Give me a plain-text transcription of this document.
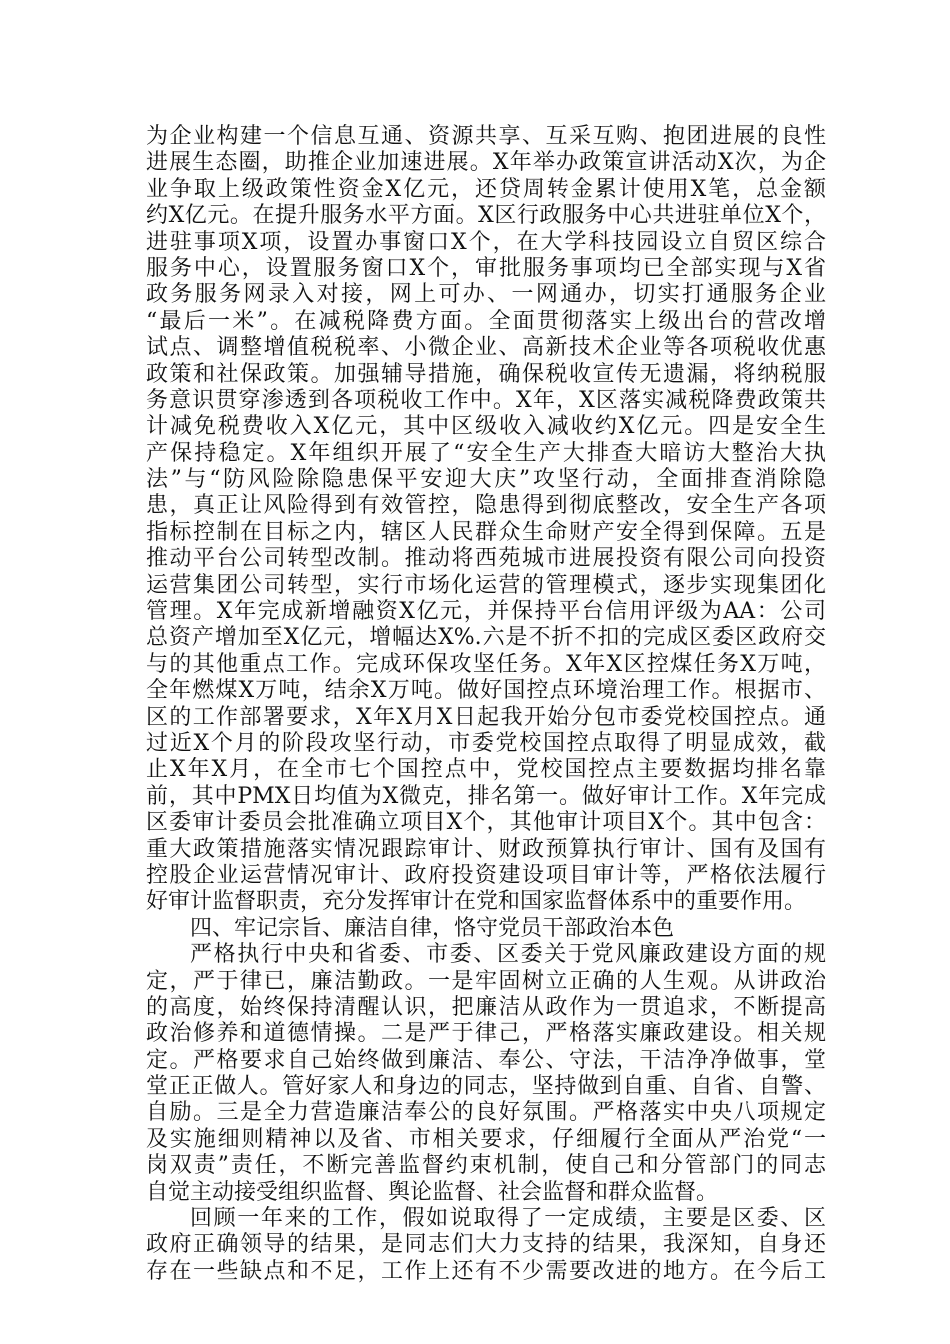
为企业构建一个信息互通、资源共享、互采互购、抱团进展的良性
进展生态圈，助推企业加速进展。X年举办政策宣讲活动X次，为企
业争取上级政策性资金X亿元，还贷周转金累计使用X笔，总金额
约X亿元。在提升服务水平方面。X区行政服务中心共进驻单位X个，
进驻事项X项，设置办事窗口X个，在大学科技园设立自贸区综合
服务中心，设置服务窗口X个，审批服务事项均已全部实现与X省
政务服务网录入对接，网上可办、一网通办，切实打通服务企业
“最后一米”。在减税降费方面。全面贯彻落实上级出台的营改增
试点、调整增值税税率、小微企业、高新技术企业等各项税收优惠
政策和社保政策。加强辅导措施，确保税收宣传无遗漏，将纳税服
务意识贯穿渗透到各项税收工作中。X年，X区落实减税降费政策共
计减免税费收入X亿元，其中区级收入减收约X亿元。四是安全生
产保持稳定。X年组织开展了“安全生产大排查大暗访大整治大执
法”与“防风险除隐患保平安迎大庆”攻坚行动，全面排查消除隐
患，真正让风险得到有效管控，隐患得到彻底整改，安全生产各项
指标控制在目标之内，辖区人民群众生命财产安全得到保障。五是
推动平台公司转型改制。推动将西苑城市进展投资有限公司向投资
运营集团公司转型，实行市场化运营的管理模式，逐步实现集团化
管理。X年完成新增融资X亿元，并保持平台信用评级为AA：公司
总资产增加至X亿元，增幅达X%.六是不折不扣的完成区委区政府交
与的其他重点工作。完成环保攻坚任务。X年X区控煤任务X万吨，
全年燃煤X万吨，结余X万吨。做好国控点环境治理工作。根据市、
区的工作部署要求，X年X月X日起我开始分包市委党校国控点。通
过近X个月的阶段攻坚行动，市委党校国控点取得了明显成效，截
止X年X月，在全市七个国控点中，党校国控点主要数据均排名靠
前，其中PMX日均值为X微克，排名第一。做好审计工作。X年完成
区委审计委员会批准确立项目X个，其他审计项目X个。其中包含：
重大政策措施落实情况跟踪审计、财政预算执行审计、国有及国有
控股企业运营情况审计、政府投资建设项目审计等，严格依法履行
好审计监督职责，充分发挥审计在党和国家监督体系中的重要作用。
四、牢记宗旨、廉洁自律，恪守党员干部政治本色
严格执行中央和省委、市委、区委关于党风廉政建设方面的规
定，严于律已，廉洁勤政。一是牢固树立正确的人生观。从讲政治
的高度，始终保持清醒认识，把廉洁从政作为一贯追求，不断提高
政治修养和道德情操。二是严于律己，严格落实廉政建设。相关规
定。严格要求自己始终做到廉洁、奉公、守法，干洁净净做事，堂
堂正正做人。管好家人和身边的同志，坚持做到自重、自省、自警、
自励。三是全力营造廉洁奉公的良好氛围。严格落实中央八项规定
及实施细则精神以及省、市相关要求，仔细履行全面从严治党“一
岗双责”责任，不断完善监督约束机制，使自己和分管部门的同志
自觉主动接受组织监督、舆论监督、社会监督和群众监督。
回顾一年来的工作，假如说取得了一定成绩，主要是区委、区
政府正确领导的结果，是同志们大力支持的结果，我深知，自身还
存在一些缺点和不足，工作上还有不少需要改进的地方。在今后工
